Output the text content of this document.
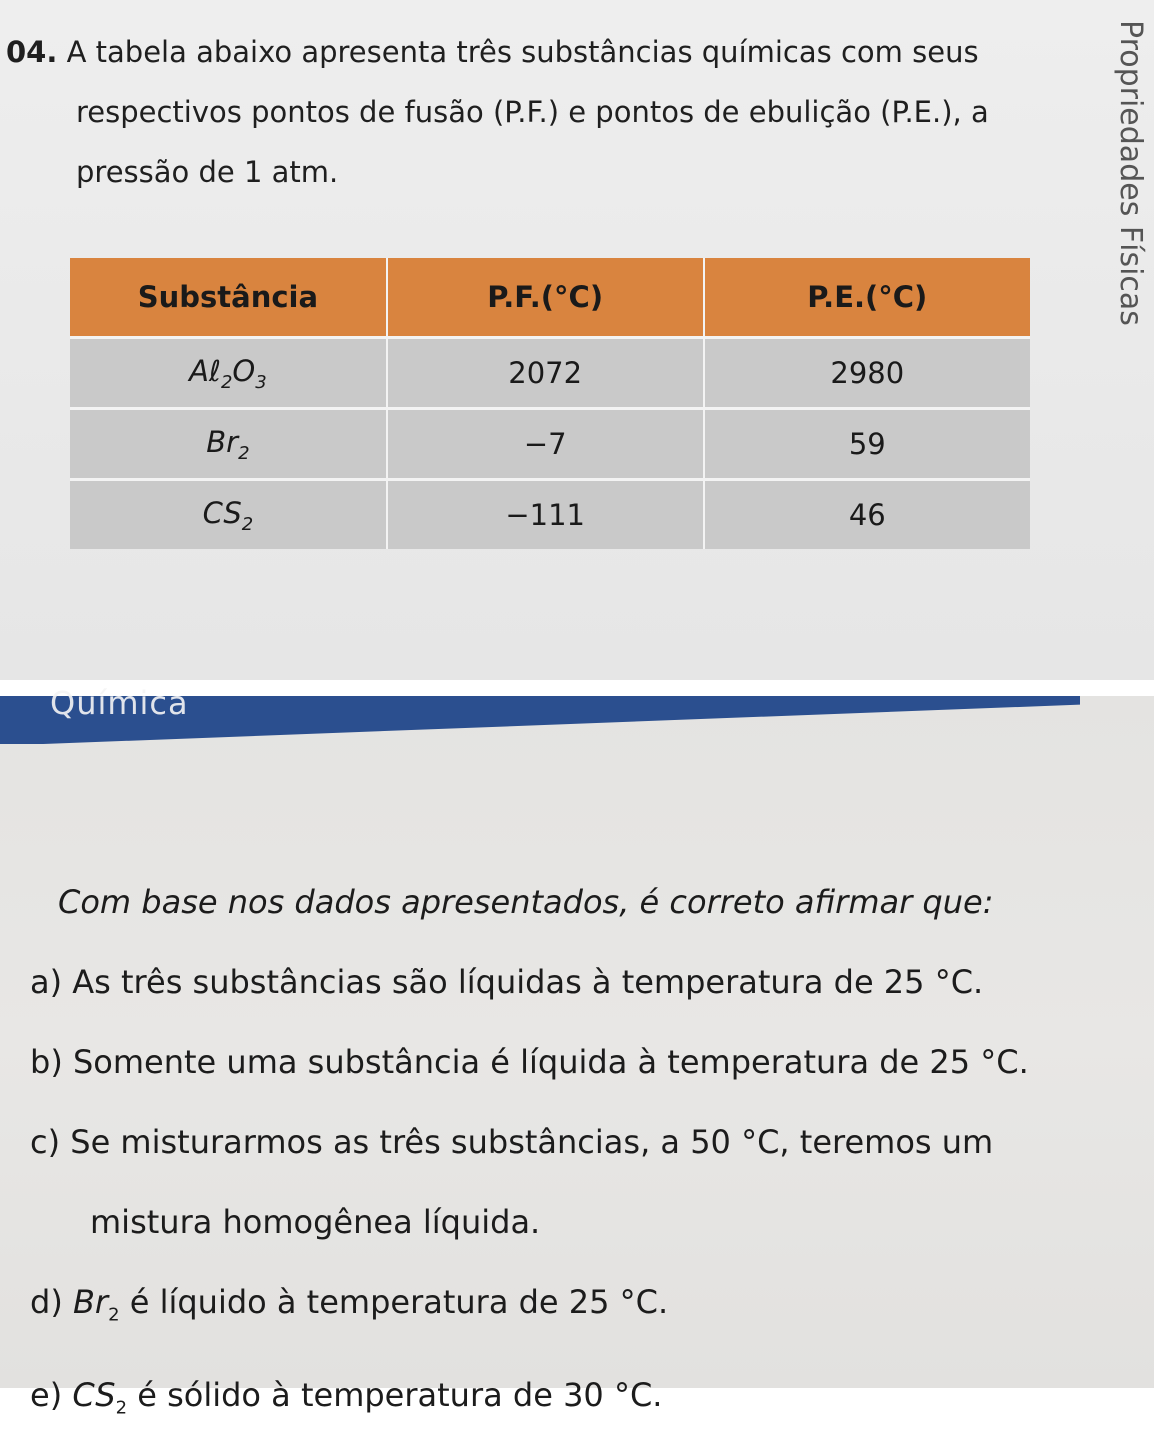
Química
Propriedades Físicas
04. A tabela abaixo apresenta três substâncias químicas com seus
respectivos pontos de fusão (P.F.) e pontos de ebulição (P.E.), a
pressão de 1 atm.
Substância	P.F.(°C)	P.E.(°C)
$A\ell_2O_3$	2072	2980
$Br_2$	−7	59
$CS_2$	−111	46
Com base nos dados apresentados, é correto afirmar que:
a) As três substâncias são líquidas à temperatura de 25 °C.
b) Somente uma substância é líquida à temperatura de 25 °C.
c) Se misturarmos as três substâncias, a 50 °C, teremos um
mistura homogênea líquida.
d) $Br_2$ é líquido à temperatura de 25 °C.
e) $CS_2$ é sólido à temperatura de 30 °C.
